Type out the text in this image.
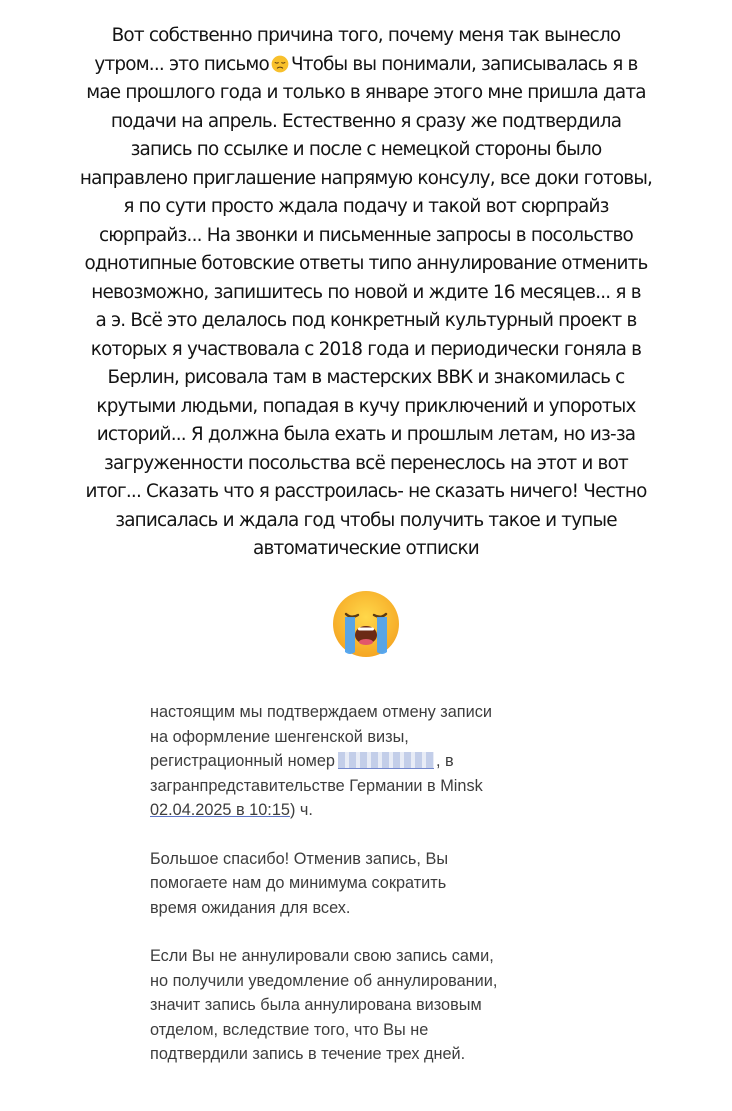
Вот собственно причина того, почему меня так вынесло
утром... это письмо Чтобы вы понимали, записывалась я в
мае прошлого года и только в январе этого мне пришла дата
подачи на апрель. Естественно я сразу же подтвердила
запись по ссылке и после с немецкой стороны было
направлено приглашение напрямую консулу, все доки готовы,
я по сути просто ждала подачу и такой вот сюрпрайз
сюрпрайз... На звонки и письменные запросы в посольство
однотипные ботовские ответы типо аннулирование отменить
невозможно, запишитесь по новой и ждите 16 месяцев... я в
а э. Всё это делалось под конкретный культурный проект в
которых я участвовала с 2018 года и периодически гоняла в
Берлин, рисовала там в мастерских ВВК и знакомилась с
крутыми людьми, попадая в кучу приключений и упоротых
историй... Я должна была ехать и прошлым летам, но из-за
загруженности посольства всё перенеслось на этот и вот
итог... Сказать что я расстроилась- не сказать ничего! Честно
записалась и ждала год чтобы получить такое и тупые
автоматические отписки
настоящим мы подтверждаем отмену записи
на оформление шенгенской визы,
регистрационный номер	, в
загранпредставительстве Германии в Minsk
02.04.2025 в 10:15) ч.
Большое спасибо! Отменив запись, Вы
помогаете нам до минимума сократить
время ожидания для всех.
Если Вы не аннулировали свою запись сами,
но получили уведомление об аннулировании,
значит запись была аннулирована визовым
отделом, вследствие того, что Вы не
подтвердили запись в течение трех дней.
